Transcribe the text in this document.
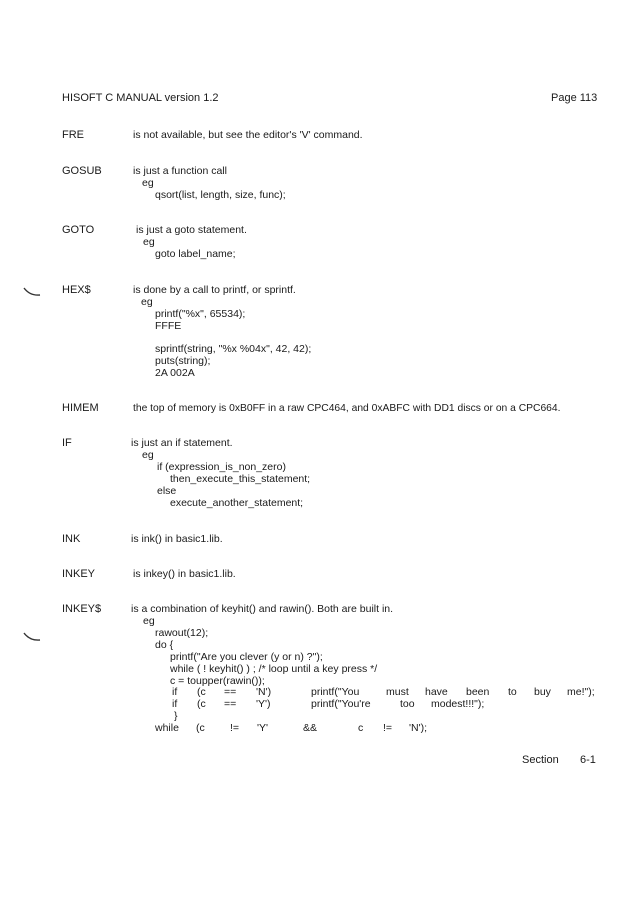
HISOFT C MANUAL version 1.2	Page 113
FRE	is not available, but see the editor's 'V' command.
GOSUB	is just a function call
eg
qsort(list, length, size, func);
GOTO	is just a goto statement.
eg
goto label_name;
HEX$	is done by a call to printf, or sprintf.
eg
printf("%x", 65534);
FFFE
sprintf(string, "%x %04x", 42, 42);
puts(string);
2A 002A
HIMEM	the top of memory is 0xB0FF in a raw CPC464, and 0xABFC with DD1 discs or on a CPC664.
IF	is just an if statement.
eg
if (expression_is_non_zero)
then_execute_this_statement;
else
execute_another_statement;
INK	is ink() in basic1.lib.
INKEY	is inkey() in basic1.lib.
INKEY$	is a combination of keyhit() and rawin(). Both are built in.
eg
rawout(12);
do {
printf("Are you clever (y or n) ?");
while ( ! keyhit() ) ; /* loop until a key press */
c = toupper(rawin());
if (c == 'N')	printf("You	must have been to buy me!");
if (c == 'Y')	printf("You're	too modest!!!");
}
while (c != 'Y'	&&	c != 'N');
Section 6-1
